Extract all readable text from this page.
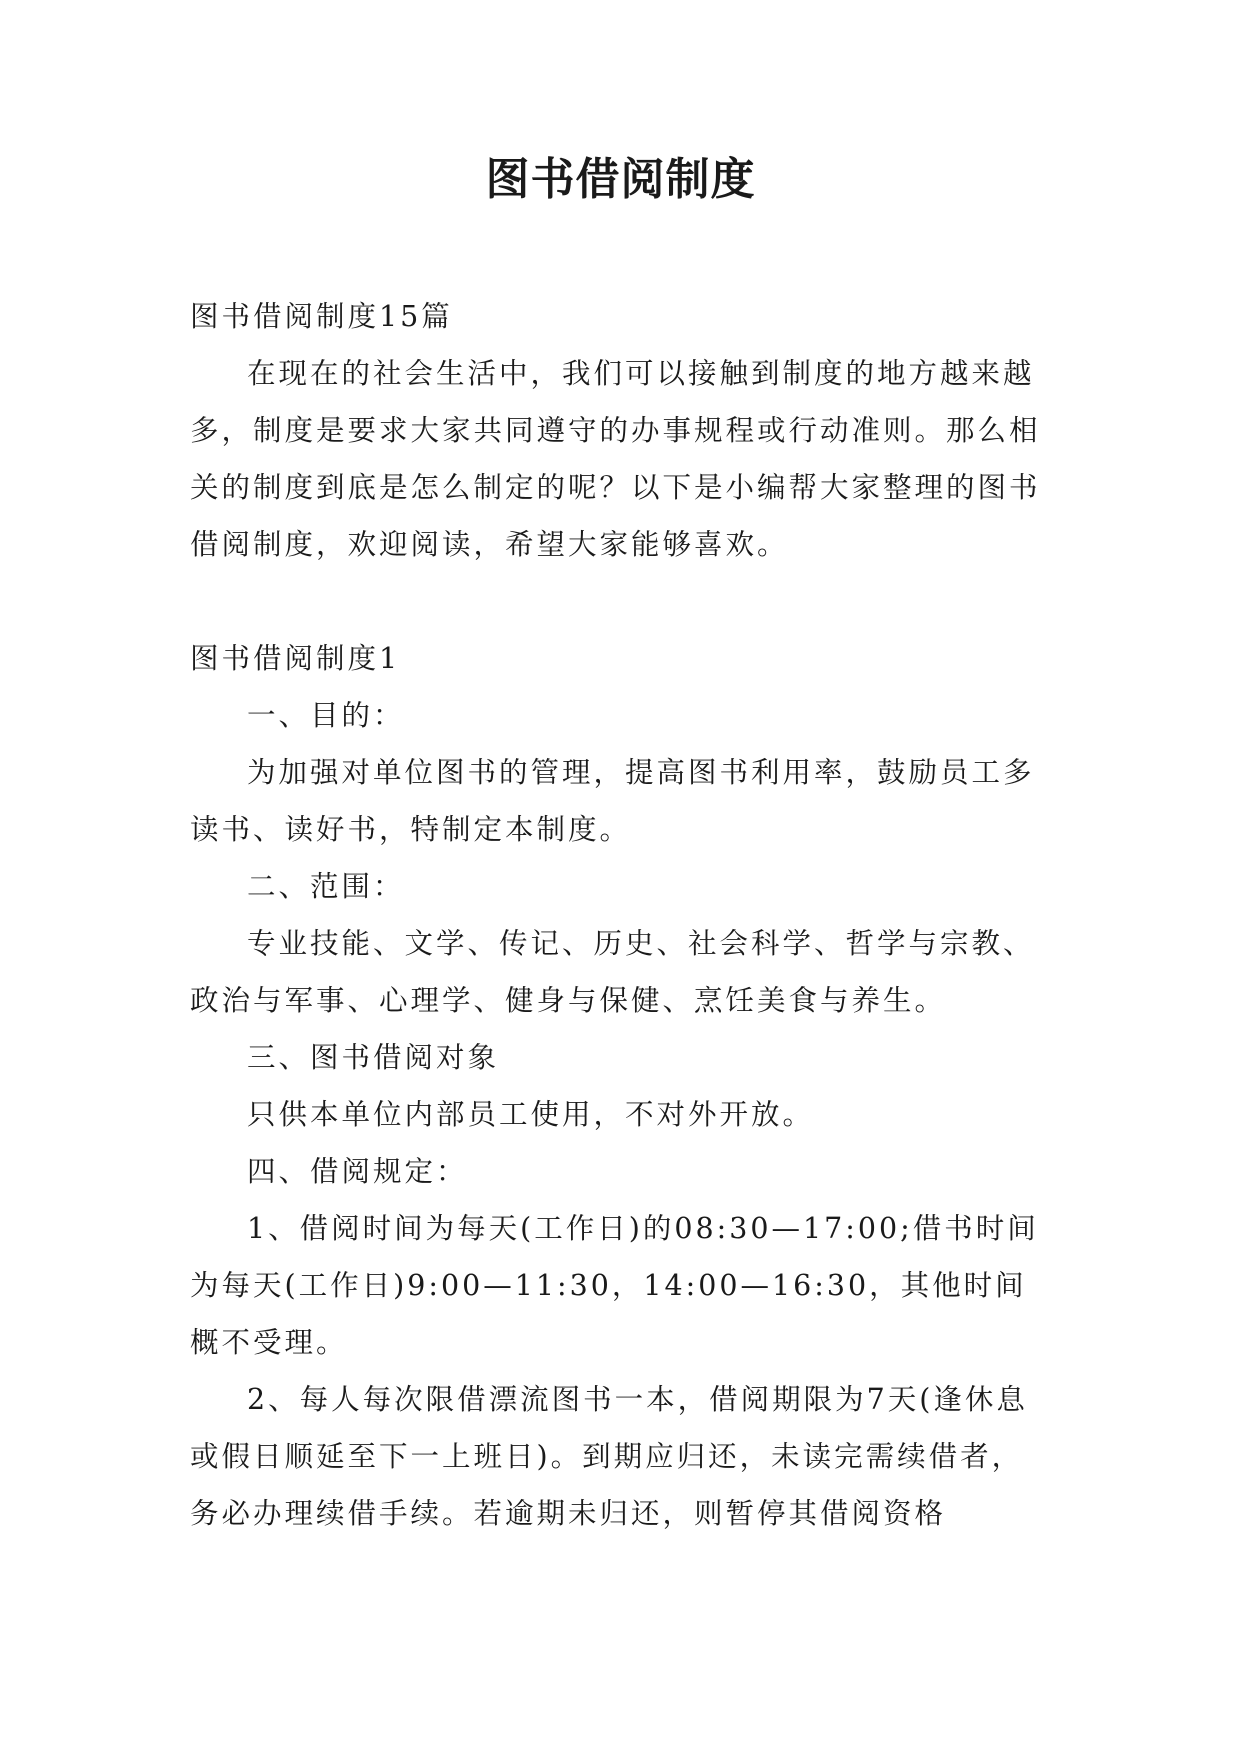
图书借阅制度

图书借阅制度15篇

在现在的社会生活中，我们可以接触到制度的地方越来越多，制度是要求大家共同遵守的办事规程或行动准则。那么相关的制度到底是怎么制定的呢？以下是小编帮大家整理的图书借阅制度，欢迎阅读，希望大家能够喜欢。

图书借阅制度1

一、目的：

为加强对单位图书的管理，提高图书利用率，鼓励员工多读书、读好书，特制定本制度。

二、范围：

专业技能、文学、传记、历史、社会科学、哲学与宗教、政治与军事、心理学、健身与保健、烹饪美食与养生。

三、图书借阅对象

只供本单位内部员工使用，不对外开放。

四、借阅规定：

1、借阅时间为每天(工作日)的08:30—17:00;借书时间为每天(工作日)9:00—11:30，14:00—16:30，其他时间概不受理。

2、每人每次限借漂流图书一本，借阅期限为7天(逢休息或假日顺延至下一上班日)。到期应归还，未读完需续借者，务必办理续借手续。若逾期未归还，则暂停其借阅资格
